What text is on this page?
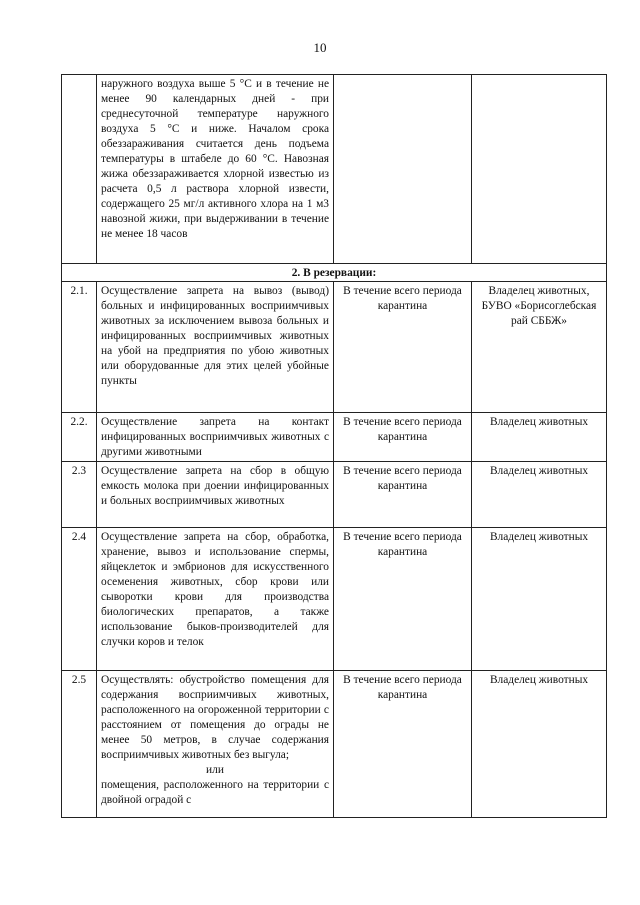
10
	наружного воздуха выше 5 °С и в течение не менее 90 календарных дней - при среднесуточной температуре наружного воздуха 5 °С и ниже. Началом срока обеззараживания считается день подъема температуры в штабеле до 60 °С. Навозная жижа обеззараживается хлорной известью из расчета 0,5 л раствора хлорной извести, содержащего 25 мг/л активного хлора на 1 м3 навозной жижи, при выдерживании в течение не менее 18 часов		
2. В резервации:			
2.1.	Осуществление запрета на вывоз (вывод) больных и инфицированных восприимчивых животных за исключением вывоза больных и инфицированных восприимчивых животных на убой на предприятия по убою животных или оборудованные для этих целей убойные пункты	В течение всего периода карантина	Владелец животных, БУВО «Борисоглебская рай СББЖ»
2.2.	Осуществление запрета на контакт инфицированных восприимчивых животных с другими животными	В течение всего периода карантина	Владелец животных
2.3	Осуществление запрета на сбор в общую емкость молока при доении инфицированных и больных восприимчивых животных	В течение всего периода карантина	Владелец животных
2.4	Осуществление запрета на сбор, обработка, хранение, вывоз и использование спермы, яйцеклеток и эмбрионов для искусственного осеменения животных, сбор крови или сыворотки крови для производства биологических препаратов, а также использование быков-производителей для случки коров и телок	В течение всего периода карантина	Владелец животных
2.5	Осуществлять: обустройство помещения для содержания восприимчивых животных, расположенного на огороженной территории с расстоянием от помещения до ограды не менее 50 метров, в случае содержания восприимчивых животных без выгула;
или
помещения, расположенного на территории с двойной оградой с	В течение всего периода карантина	Владелец животных
